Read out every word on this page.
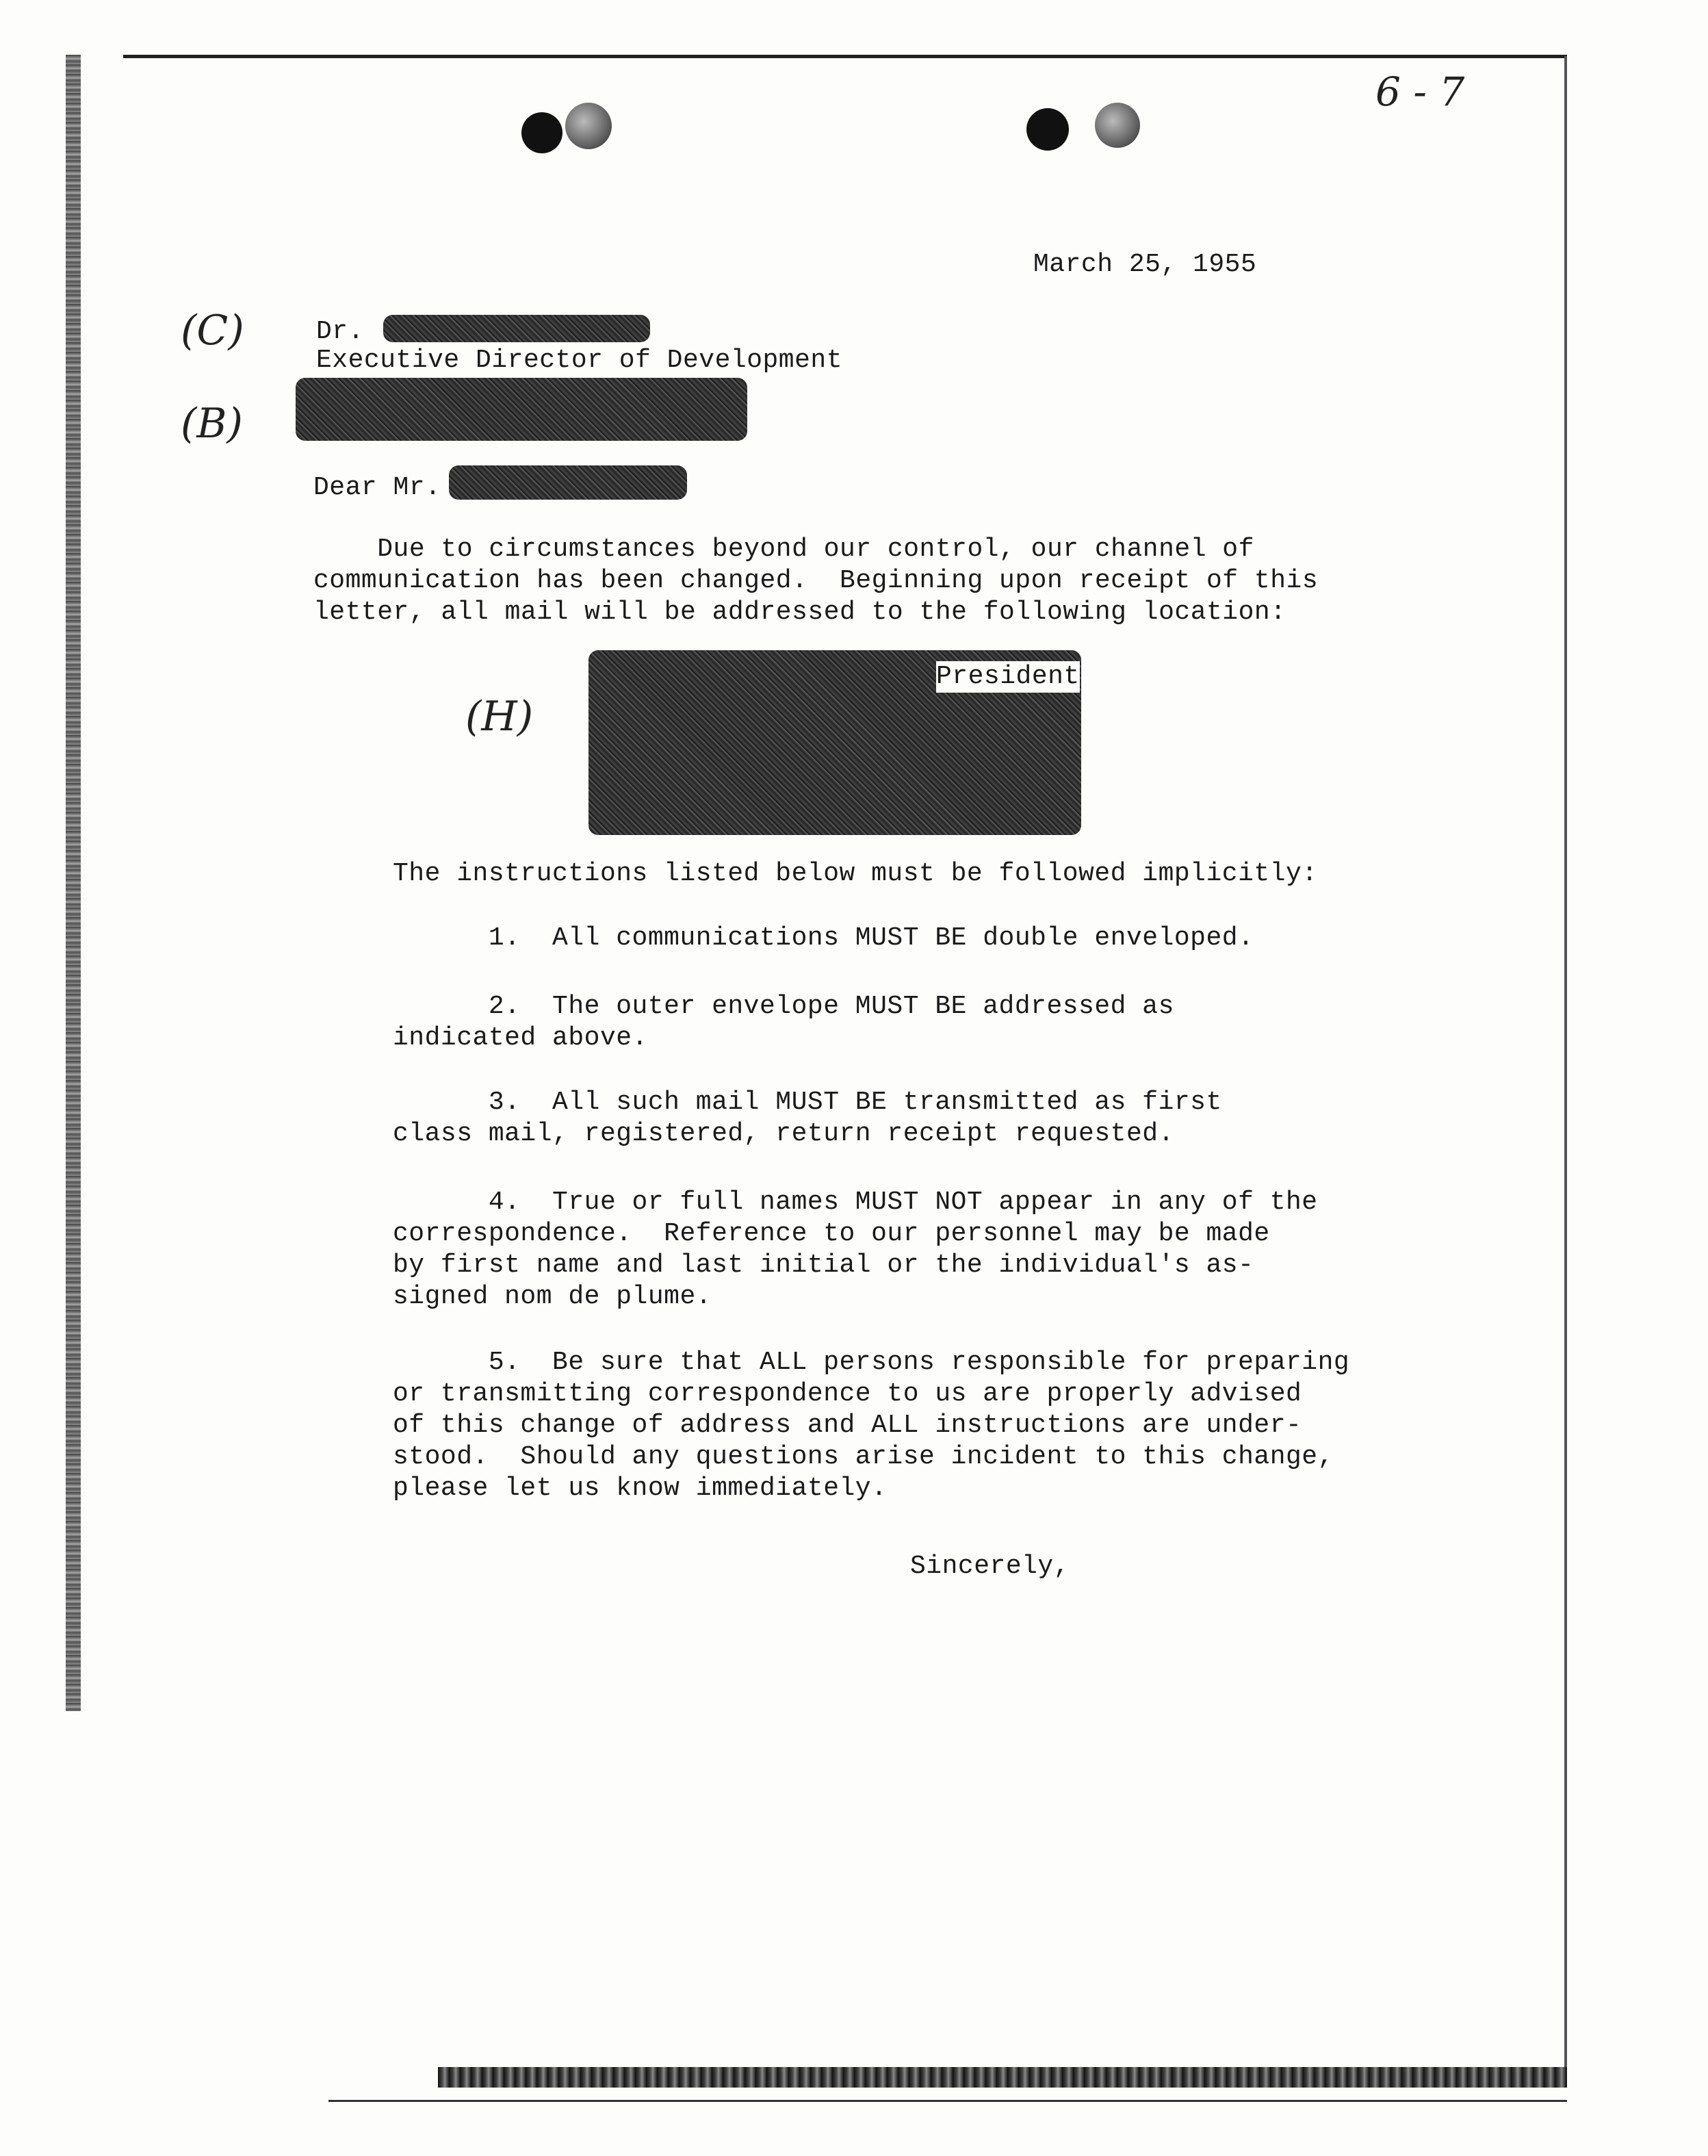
6 - 7
March 25, 1955
(C)
(B)
(H)
Dr.
Executive Director of Development
Dear Mr.
Due to circumstances beyond our control, our channel of
communication has been changed.  Beginning upon receipt of this
letter, all mail will be addressed to the following location:
President
The instructions listed below must be followed implicitly:
1.  All communications MUST BE double enveloped.
2.  The outer envelope MUST BE addressed as
indicated above.
3.  All such mail MUST BE transmitted as first
class mail, registered, return receipt requested.
4.  True or full names MUST NOT appear in any of the
correspondence.  Reference to our personnel may be made
by first name and last initial or the individual's as-
signed nom de plume.
5.  Be sure that ALL persons responsible for preparing
or transmitting correspondence to us are properly advised
of this change of address and ALL instructions are under-
stood.  Should any questions arise incident to this change,
please let us know immediately.
Sincerely,
